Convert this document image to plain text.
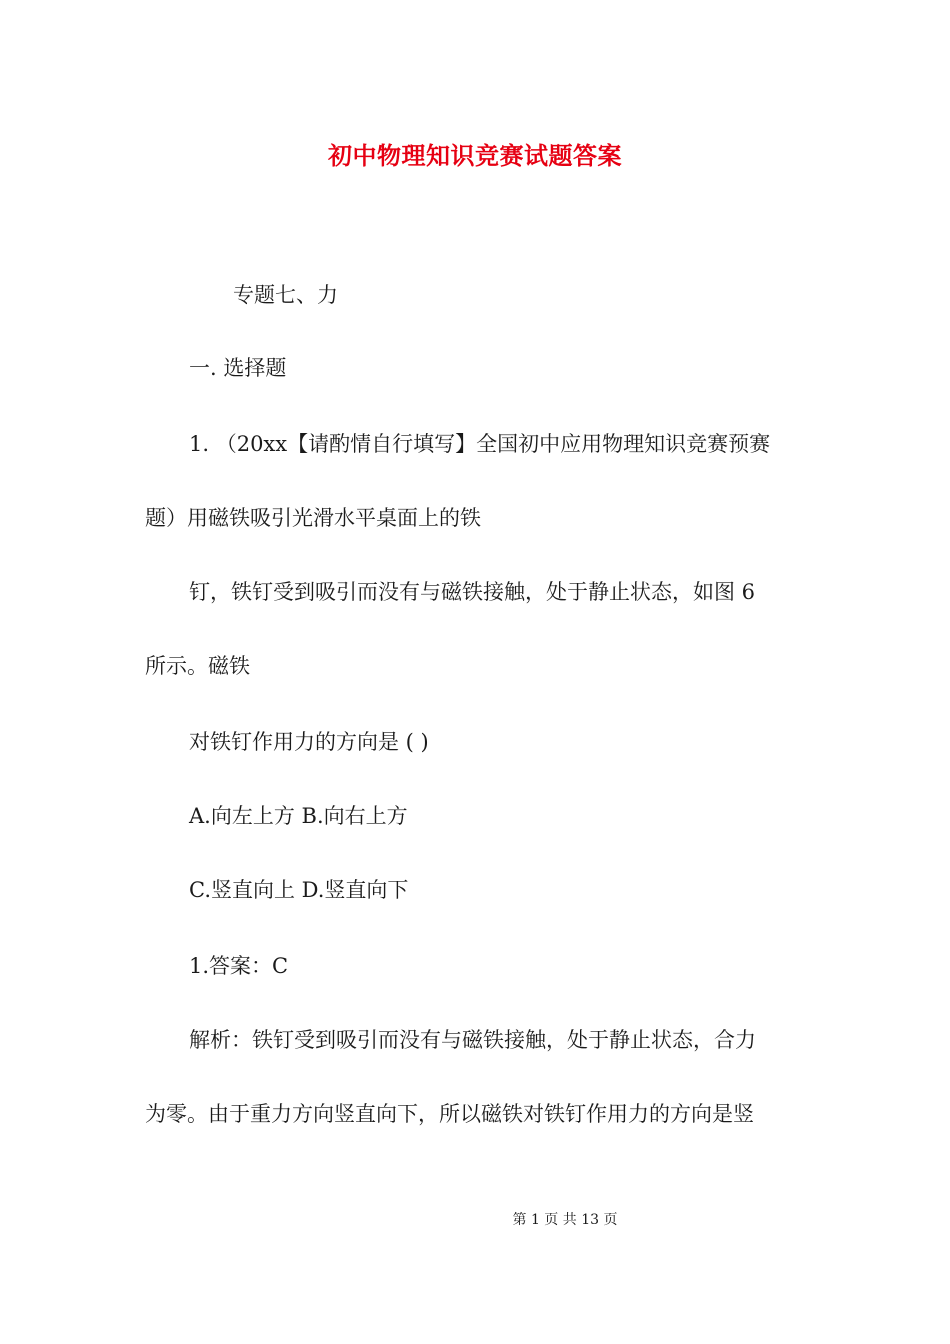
初中物理知识竞赛试题答案
专题七、力
一. 选择题
1. （20xx【请酌情自行填写】全国初中应用物理知识竞赛预赛
题）用磁铁吸引光滑水平桌面上的铁
钉，铁钉受到吸引而没有与磁铁接触，处于静止状态，如图 6
所示。磁铁
对铁钉作用力的方向是 ( )
A.向左上方 B.向右上方
C.竖直向上 D.竖直向下
1.答案：C
解析：铁钉受到吸引而没有与磁铁接触，处于静止状态，合力
为零。由于重力方向竖直向下，所以磁铁对铁钉作用力的方向是竖
第 1 页 共 13 页
